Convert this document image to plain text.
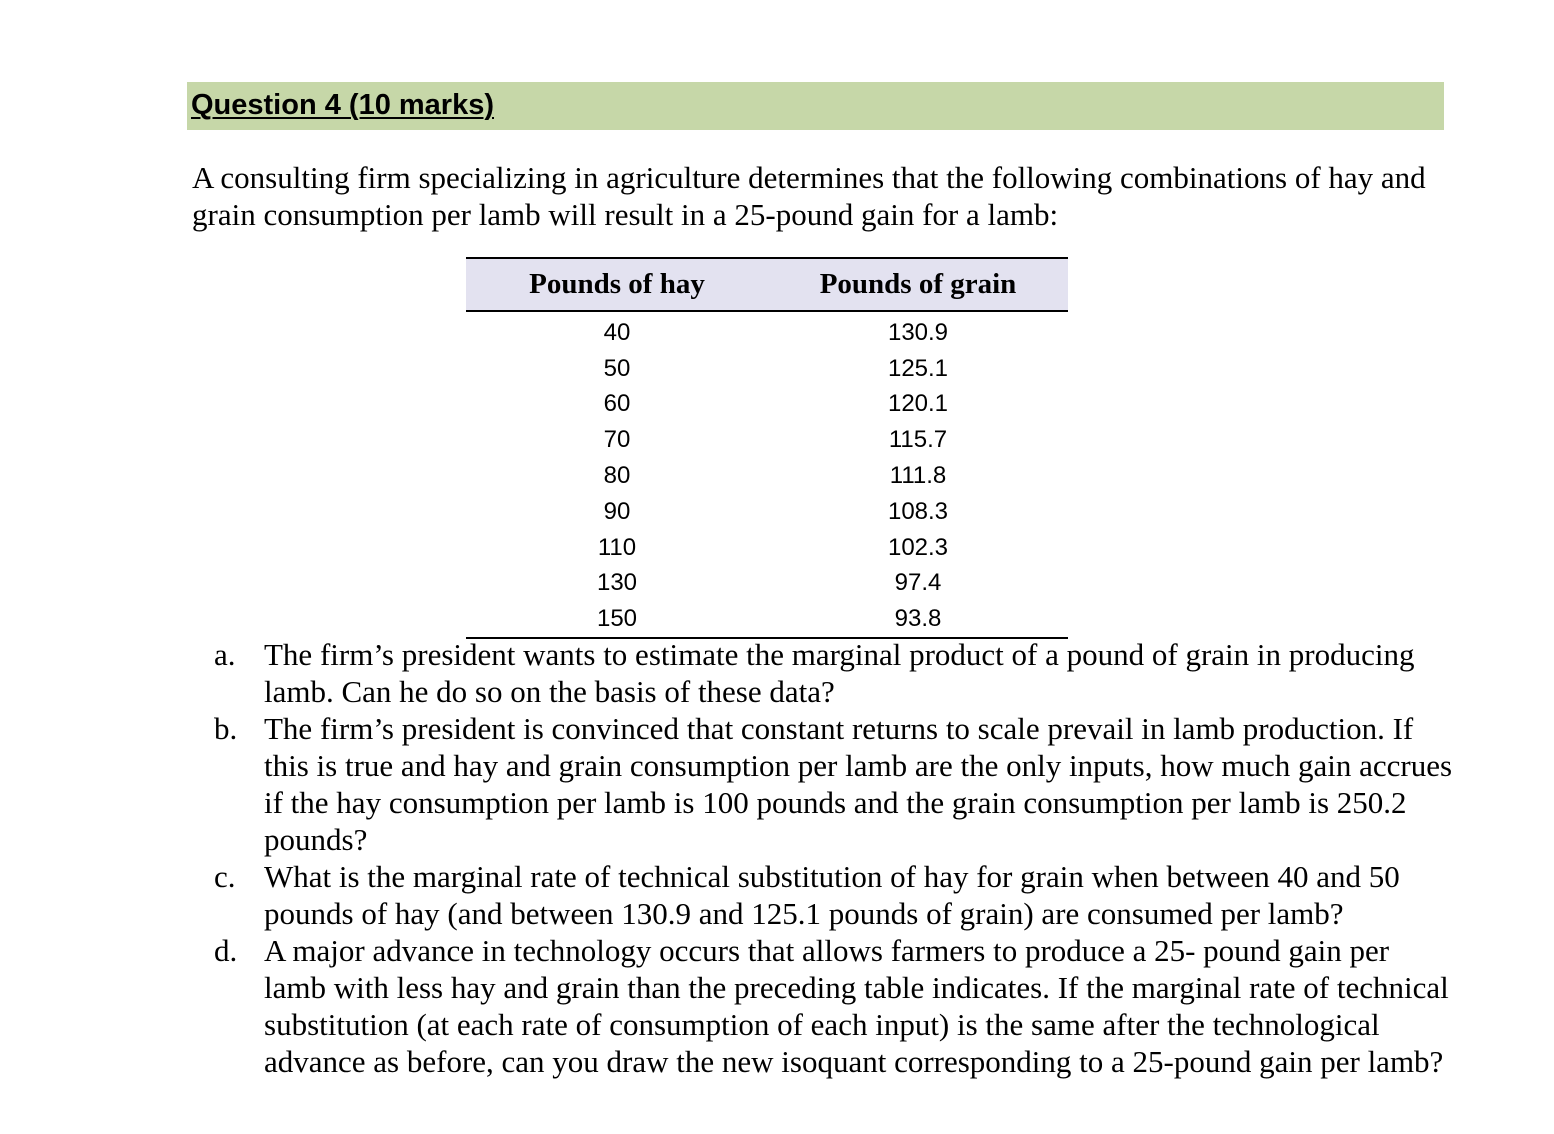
Question 4 (10 marks)

A consulting firm specializing in agriculture determines that the following combinations of hay and grain consumption per lamb will result in a 25-pound gain for a lamb:

Pounds of hay	Pounds of grain
40	130.9
50	125.1
60	120.1
70	115.7
80	111.8
90	108.3
110	102.3
130	97.4
150	93.8
a. The firm’s president wants to estimate the marginal product of a pound of grain in producing lamb. Can he do so on the basis of these data?
b. The firm’s president is convinced that constant returns to scale prevail in lamb production. If this is true and hay and grain consumption per lamb are the only inputs, how much gain accrues if the hay consumption per lamb is 100 pounds and the grain consumption per lamb is 250.2 pounds?
c. What is the marginal rate of technical substitution of hay for grain when between 40 and 50 pounds of hay (and between 130.9 and 125.1 pounds of grain) are consumed per lamb?
d. A major advance in technology occurs that allows farmers to produce a 25- pound gain per lamb with less hay and grain than the preceding table indicates. If the marginal rate of technical substitution (at each rate of consumption of each input) is the same after the technological advance as before, can you draw the new isoquant corresponding to a 25-pound gain per lamb?
